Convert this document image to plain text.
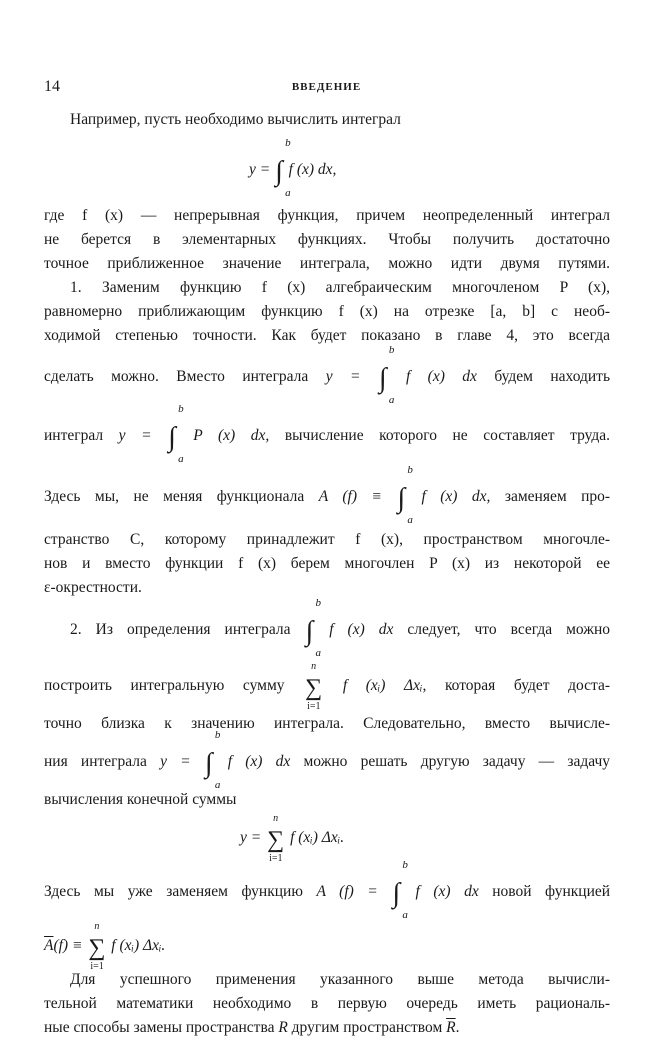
14	ВВЕДЕНИЕ
Например, пусть необходимо вычислить интеграл
y = ∫
b
a
f (x) dx,
где f (x) — непрерывная функция, причем неопределенный интеграл
не берется в элементарных функциях. Чтобы получить достаточно
точное приближенное значение интеграла, можно идти двумя путями.
1. Заменим функцию f (x) алгебраическим многочленом P (x),
равномерно приближающим функцию f (x) на отрезке [a, b] с необ-
ходимой степенью точности. Как будет показано в главе 4, это всегда
сделать можно. Вместо интеграла y = ∫
b
a
f (x) dx будем находить
интеграл y = ∫
b
a
P (x) dx, вычисление которого не составляет труда.
Здесь мы, не меняя функционала A (f) ≡ ∫
b
a
f (x) dx, заменяем про-
странство C, которому принадлежит f (x), пространством многочле-
нов и вместо функции f (x) берем многочлен P (x) из некоторой ее
ε-окрестности.
2. Из определения интеграла ∫
b
a
f (x) dx следует, что всегда можно
построить интегральную сумму ∑
n
i=1
f (xᵢ) Δxᵢ, которая будет доста-
точно близка к значению интеграла. Следовательно, вместо вычисле-
ния интеграла y = ∫
b
a
f (x) dx можно решать другую задачу — задачу
вычисления конечной суммы
y = ∑
n
i=1
f (xᵢ) Δxᵢ.
Здесь мы уже заменяем функцию A (f) = ∫
b
a
f (x) dx новой функцией
$\overline{A}(f)$ ≡ ∑
n
i=1
f (xᵢ) Δxᵢ.
Для успешного применения указанного выше метода вычисли-
тельной математики необходимо в первую очередь иметь рациональ-
ные способы замены пространства R другим пространством $\overline{R}$.
